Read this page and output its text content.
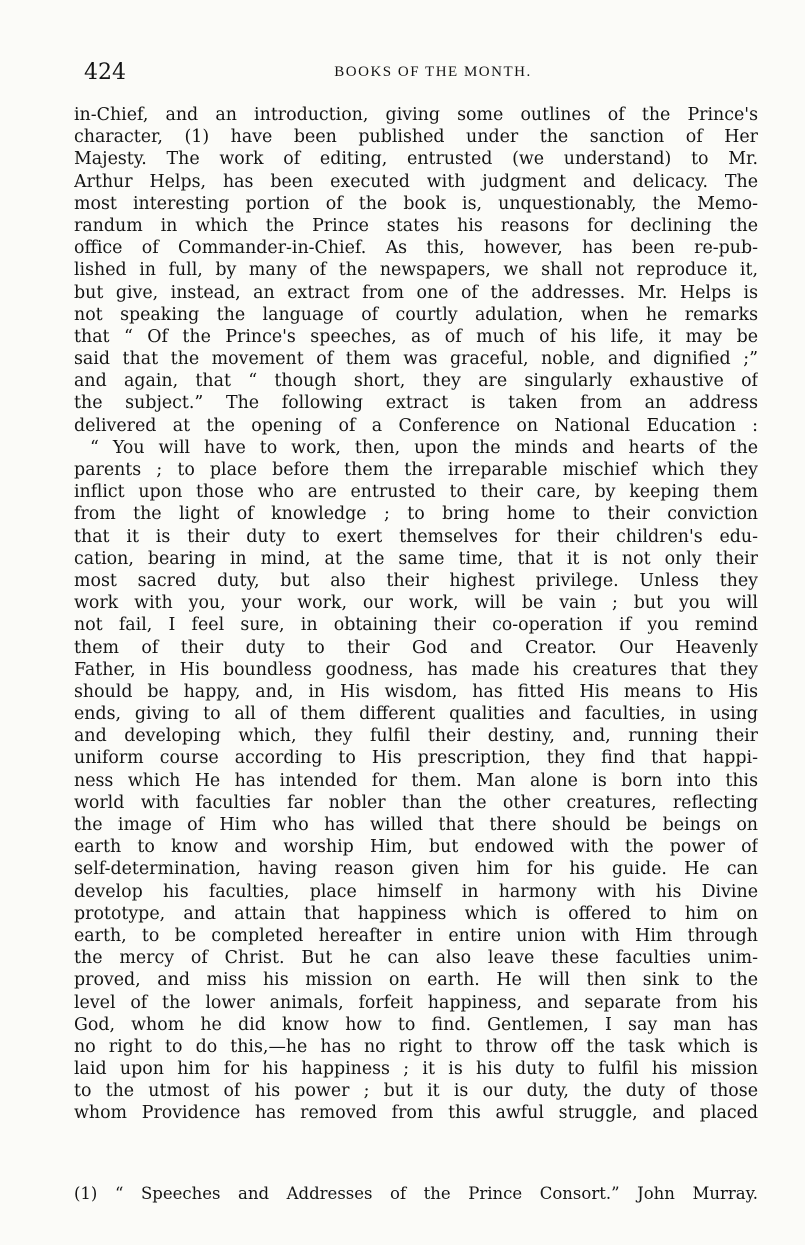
424	BOOKS OF THE MONTH.
in-Chief, and an introduction, giving some outlines of the Prince's
character, (1) have been published under the sanction of Her
Majesty. The work of editing, entrusted (we understand) to Mr.
Arthur Helps, has been executed with judgment and delicacy. The
most interesting portion of the book is, unquestionably, the Memo-
randum in which the Prince states his reasons for declining the
office of Commander-in-Chief. As this, however, has been re-pub-
lished in full, by many of the newspapers, we shall not reproduce it,
but give, instead, an extract from one of the addresses. Mr. Helps is
not speaking the language of courtly adulation, when he remarks
that “ Of the Prince's speeches, as of much of his life, it may be
said that the movement of them was graceful, noble, and dignified ;”
and again, that “ though short, they are singularly exhaustive of
the subject.” The following extract is taken from an address
delivered at the opening of a Conference on National Education :
“ You will have to work, then, upon the minds and hearts of the
parents ; to place before them the irreparable mischief which they
inflict upon those who are entrusted to their care, by keeping them
from the light of knowledge ; to bring home to their conviction
that it is their duty to exert themselves for their children's edu-
cation, bearing in mind, at the same time, that it is not only their
most sacred duty, but also their highest privilege. Unless they
work with you, your work, our work, will be vain ; but you will
not fail, I feel sure, in obtaining their co-operation if you remind
them of their duty to their God and Creator. Our Heavenly
Father, in His boundless goodness, has made his creatures that they
should be happy, and, in His wisdom, has fitted His means to His
ends, giving to all of them different qualities and faculties, in using
and developing which, they fulfil their destiny, and, running their
uniform course according to His prescription, they find that happi-
ness which He has intended for them. Man alone is born into this
world with faculties far nobler than the other creatures, reflecting
the image of Him who has willed that there should be beings on
earth to know and worship Him, but endowed with the power of
self-determination, having reason given him for his guide. He can
develop his faculties, place himself in harmony with his Divine
prototype, and attain that happiness which is offered to him on
earth, to be completed hereafter in entire union with Him through
the mercy of Christ. But he can also leave these faculties unim-
proved, and miss his mission on earth. He will then sink to the
level of the lower animals, forfeit happiness, and separate from his
God, whom he did know how to find. Gentlemen, I say man has
no right to do this,—he has no right to throw off the task which is
laid upon him for his happiness ; it is his duty to fulfil his mission
to the utmost of his power ; but it is our duty, the duty of those
whom Providence has removed from this awful struggle, and placed
(1) “ Speeches and Addresses of the Prince Consort.” John Murray.
